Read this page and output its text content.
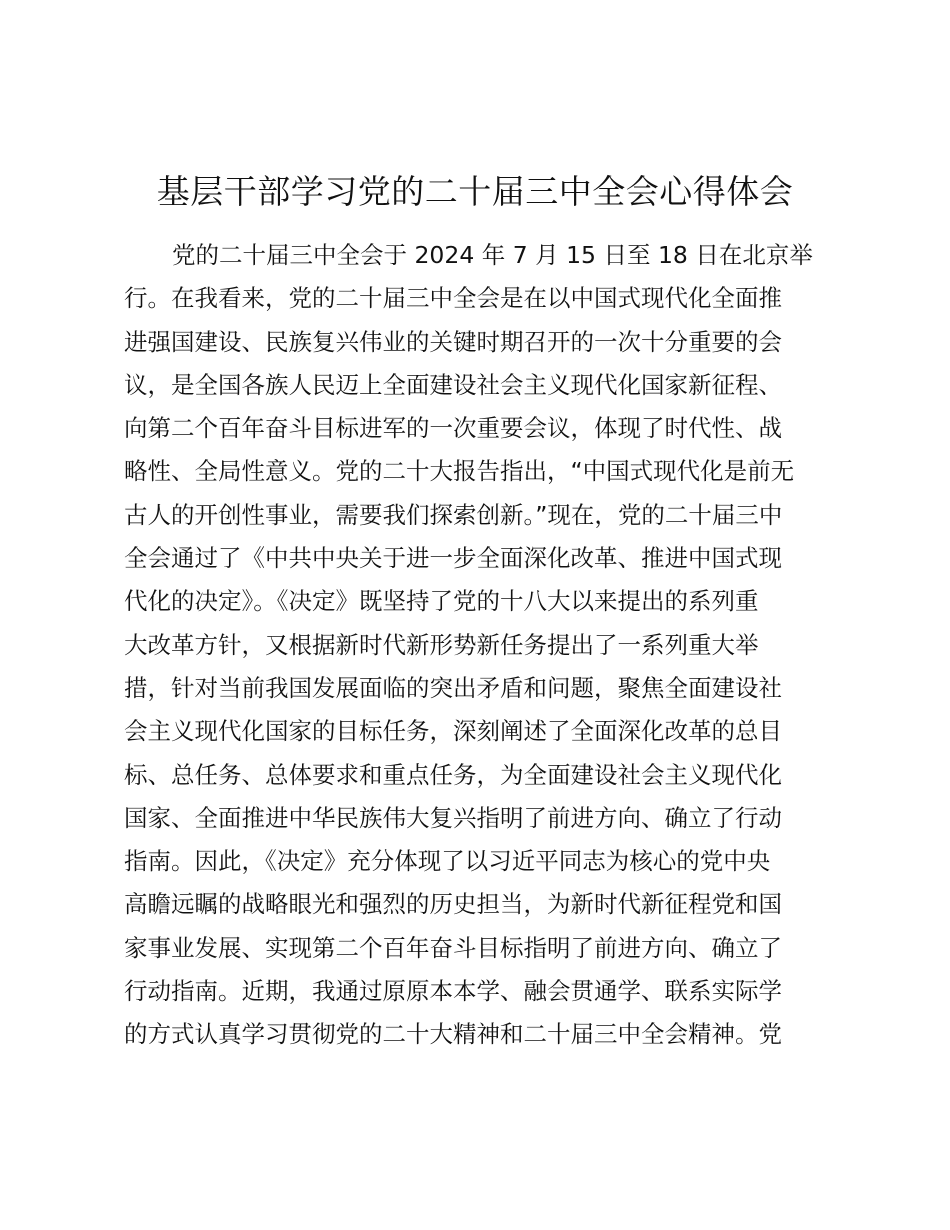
基层干部学习党的二十届三中全会心得体会
党的二十届三中全会于 2024 年 7 月 15 日至 18 日在北京举
行。在我看来，党的二十届三中全会是在以中国式现代化全面推
进强国建设、民族复兴伟业的关键时期召开的一次十分重要的会
议，是全国各族人民迈上全面建设社会主义现代化国家新征程、
向第二个百年奋斗目标进军的一次重要会议，体现了时代性、战
略性、全局性意义。党的二十大报告指出，“中国式现代化是前无
古人的开创性事业，需要我们探索创新。”现在，党的二十届三中
全会通过了《中共中央关于进一步全面深化改革、推进中国式现
代化的决定》。《决定》既坚持了党的十八大以来提出的系列重
大改革方针，又根据新时代新形势新任务提出了一系列重大举
措，针对当前我国发展面临的突出矛盾和问题，聚焦全面建设社
会主义现代化国家的目标任务，深刻阐述了全面深化改革的总目
标、总任务、总体要求和重点任务，为全面建设社会主义现代化
国家、全面推进中华民族伟大复兴指明了前进方向、确立了行动
指南。因此，《决定》充分体现了以习近平同志为核心的党中央
高瞻远瞩的战略眼光和强烈的历史担当，为新时代新征程党和国
家事业发展、实现第二个百年奋斗目标指明了前进方向、确立了
行动指南。近期，我通过原原本本学、融会贯通学、联系实际学
的方式认真学习贯彻党的二十大精神和二十届三中全会精神。党
